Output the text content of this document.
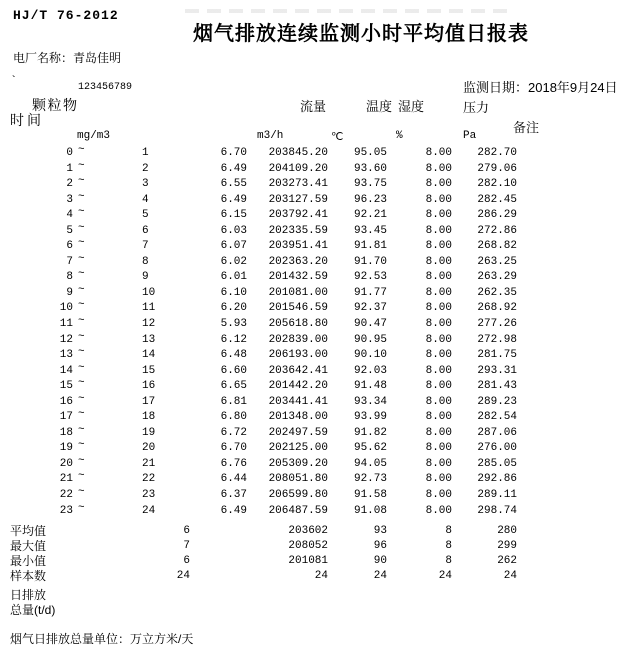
HJ/T 76-2012
烟气排放连续监测小时平均值日报表
电厂名称：青岛佳明
`	123456789	监测日期：2018年9月24日
颗粒物
时间
流量	温度 湿度	压力
备注
mg/m3	m3/h	℃	%	Pa
0 ~	1	6.70	203845.20	95.05	8.00	282.70
1 ~	2	6.49	204109.20	93.60	8.00	279.06
2 ~	3	6.55	203273.41	93.75	8.00	282.10
3 ~	4	6.49	203127.59	96.23	8.00	282.45
4 ~	5	6.15	203792.41	92.21	8.00	286.29
5 ~	6	6.03	202335.59	93.45	8.00	272.86
6 ~	7	6.07	203951.41	91.81	8.00	268.82
7 ~	8	6.02	202363.20	91.70	8.00	263.25
8 ~	9	6.01	201432.59	92.53	8.00	263.29
9 ~	10	6.10	201081.00	91.77	8.00	262.35
10 ~	11	6.20	201546.59	92.37	8.00	268.92
11 ~	12	5.93	205618.80	90.47	8.00	277.26
12 ~	13	6.12	202839.00	90.95	8.00	272.98
13 ~	14	6.48	206193.00	90.10	8.00	281.75
14 ~	15	6.60	203642.41	92.03	8.00	293.31
15 ~	16	6.65	201442.20	91.48	8.00	281.43
16 ~	17	6.81	203441.41	93.34	8.00	289.23
17 ~	18	6.80	201348.00	93.99	8.00	282.54
18 ~	19	6.72	202497.59	91.82	8.00	287.06
19 ~	20	6.70	202125.00	95.62	8.00	276.00
20 ~	21	6.76	205309.20	94.05	8.00	285.05
21 ~	22	6.44	208051.80	92.73	8.00	292.86
22 ~	23	6.37	206599.80	91.58	8.00	289.11
23 ~	24	6.49	206487.59	91.08	8.00	298.74
平均值	6	203602	93	8	280
最大值	7	208052	96	8	299
最小值	6	201081	90	8	262
样本数	24	24	24	24	24
日排放
总量(t/d)
烟气日排放总量单位：万立方米/天
